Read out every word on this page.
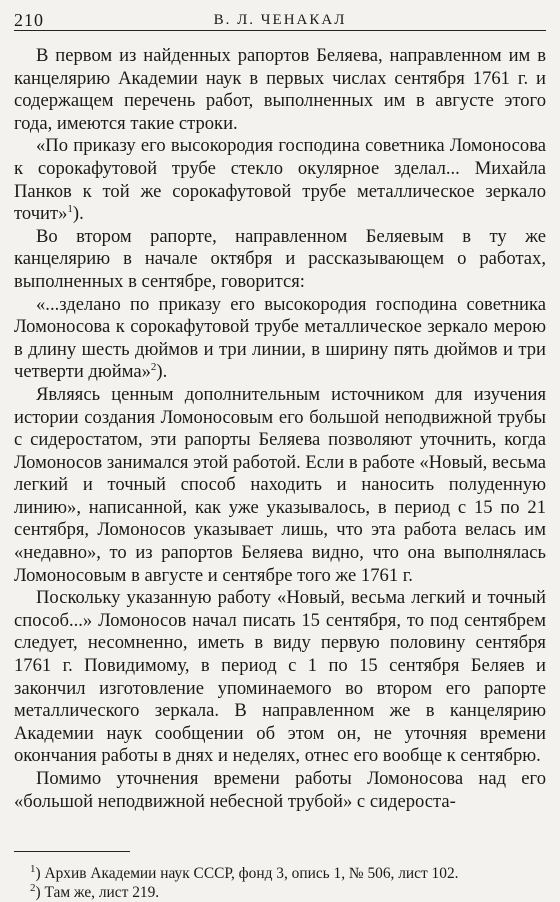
210	В. Л. ЧЕНАКАЛ

В первом из найденных рапортов Беляева, направленном им в канцелярию Академии наук в первых числах сентября 1761 г. и содержащем перечень работ, выполненных им в августе этого года, имеются такие строки.

«По приказу его высокородия господина советника Ломоносова к сорокафутовой трубе стекло окулярное зделал... Михайла Панков к той же сорокафутовой трубе металлическое зеркало точит»$^1$).

Во втором рапорте, направленном Беляевым в ту же канцелярию в начале октября и рассказывающем о работах, выполненных в сентябре, говорится:

«...зделано по приказу его высокородия господина советника Ломоносова к сорокафутовой трубе металлическое зеркало мерою в длину шесть дюймов и три линии, в ширину пять дюймов и три четверти дюйма»$^2$).

Являясь ценным дополнительным источником для изучения истории создания Ломоносовым его большой неподвижной трубы с сидеростатом, эти рапорты Беляева позволяют уточнить, когда Ломоносов занимался этой работой. Если в работе «Новый, весьма легкий и точный способ находить и наносить полуденную линию», написанной, как уже указывалось, в период с 15 по 21 сентября, Ломоносов указывает лишь, что эта работа велась им «недавно», то из рапортов Беляева видно, что она выполнялась Ломоносовым в августе и сентябре того же 1761 г.

Поскольку указанную работу «Новый, весьма легкий и точный способ...» Ломоносов начал писать 15 сентября, то под сентябрем следует, несомненно, иметь в виду первую половину сентября 1761 г. Повидимому, в период с 1 по 15 сентября Беляев и закончил изготовление упоминаемого во втором его рапорте металлического зеркала. В направленном же в канцелярию Академии наук сообщении об этом он, не уточняя времени окончания работы в днях и неделях, отнес его вообще к сентябрю.

Помимо уточнения времени работы Ломоносова над его «большой неподвижной небесной трубой» с сидероста-

$^1$) Архив Академии наук СССР, фонд 3, опись 1, № 506, лист 102.

$^2$) Там же, лист 219.
